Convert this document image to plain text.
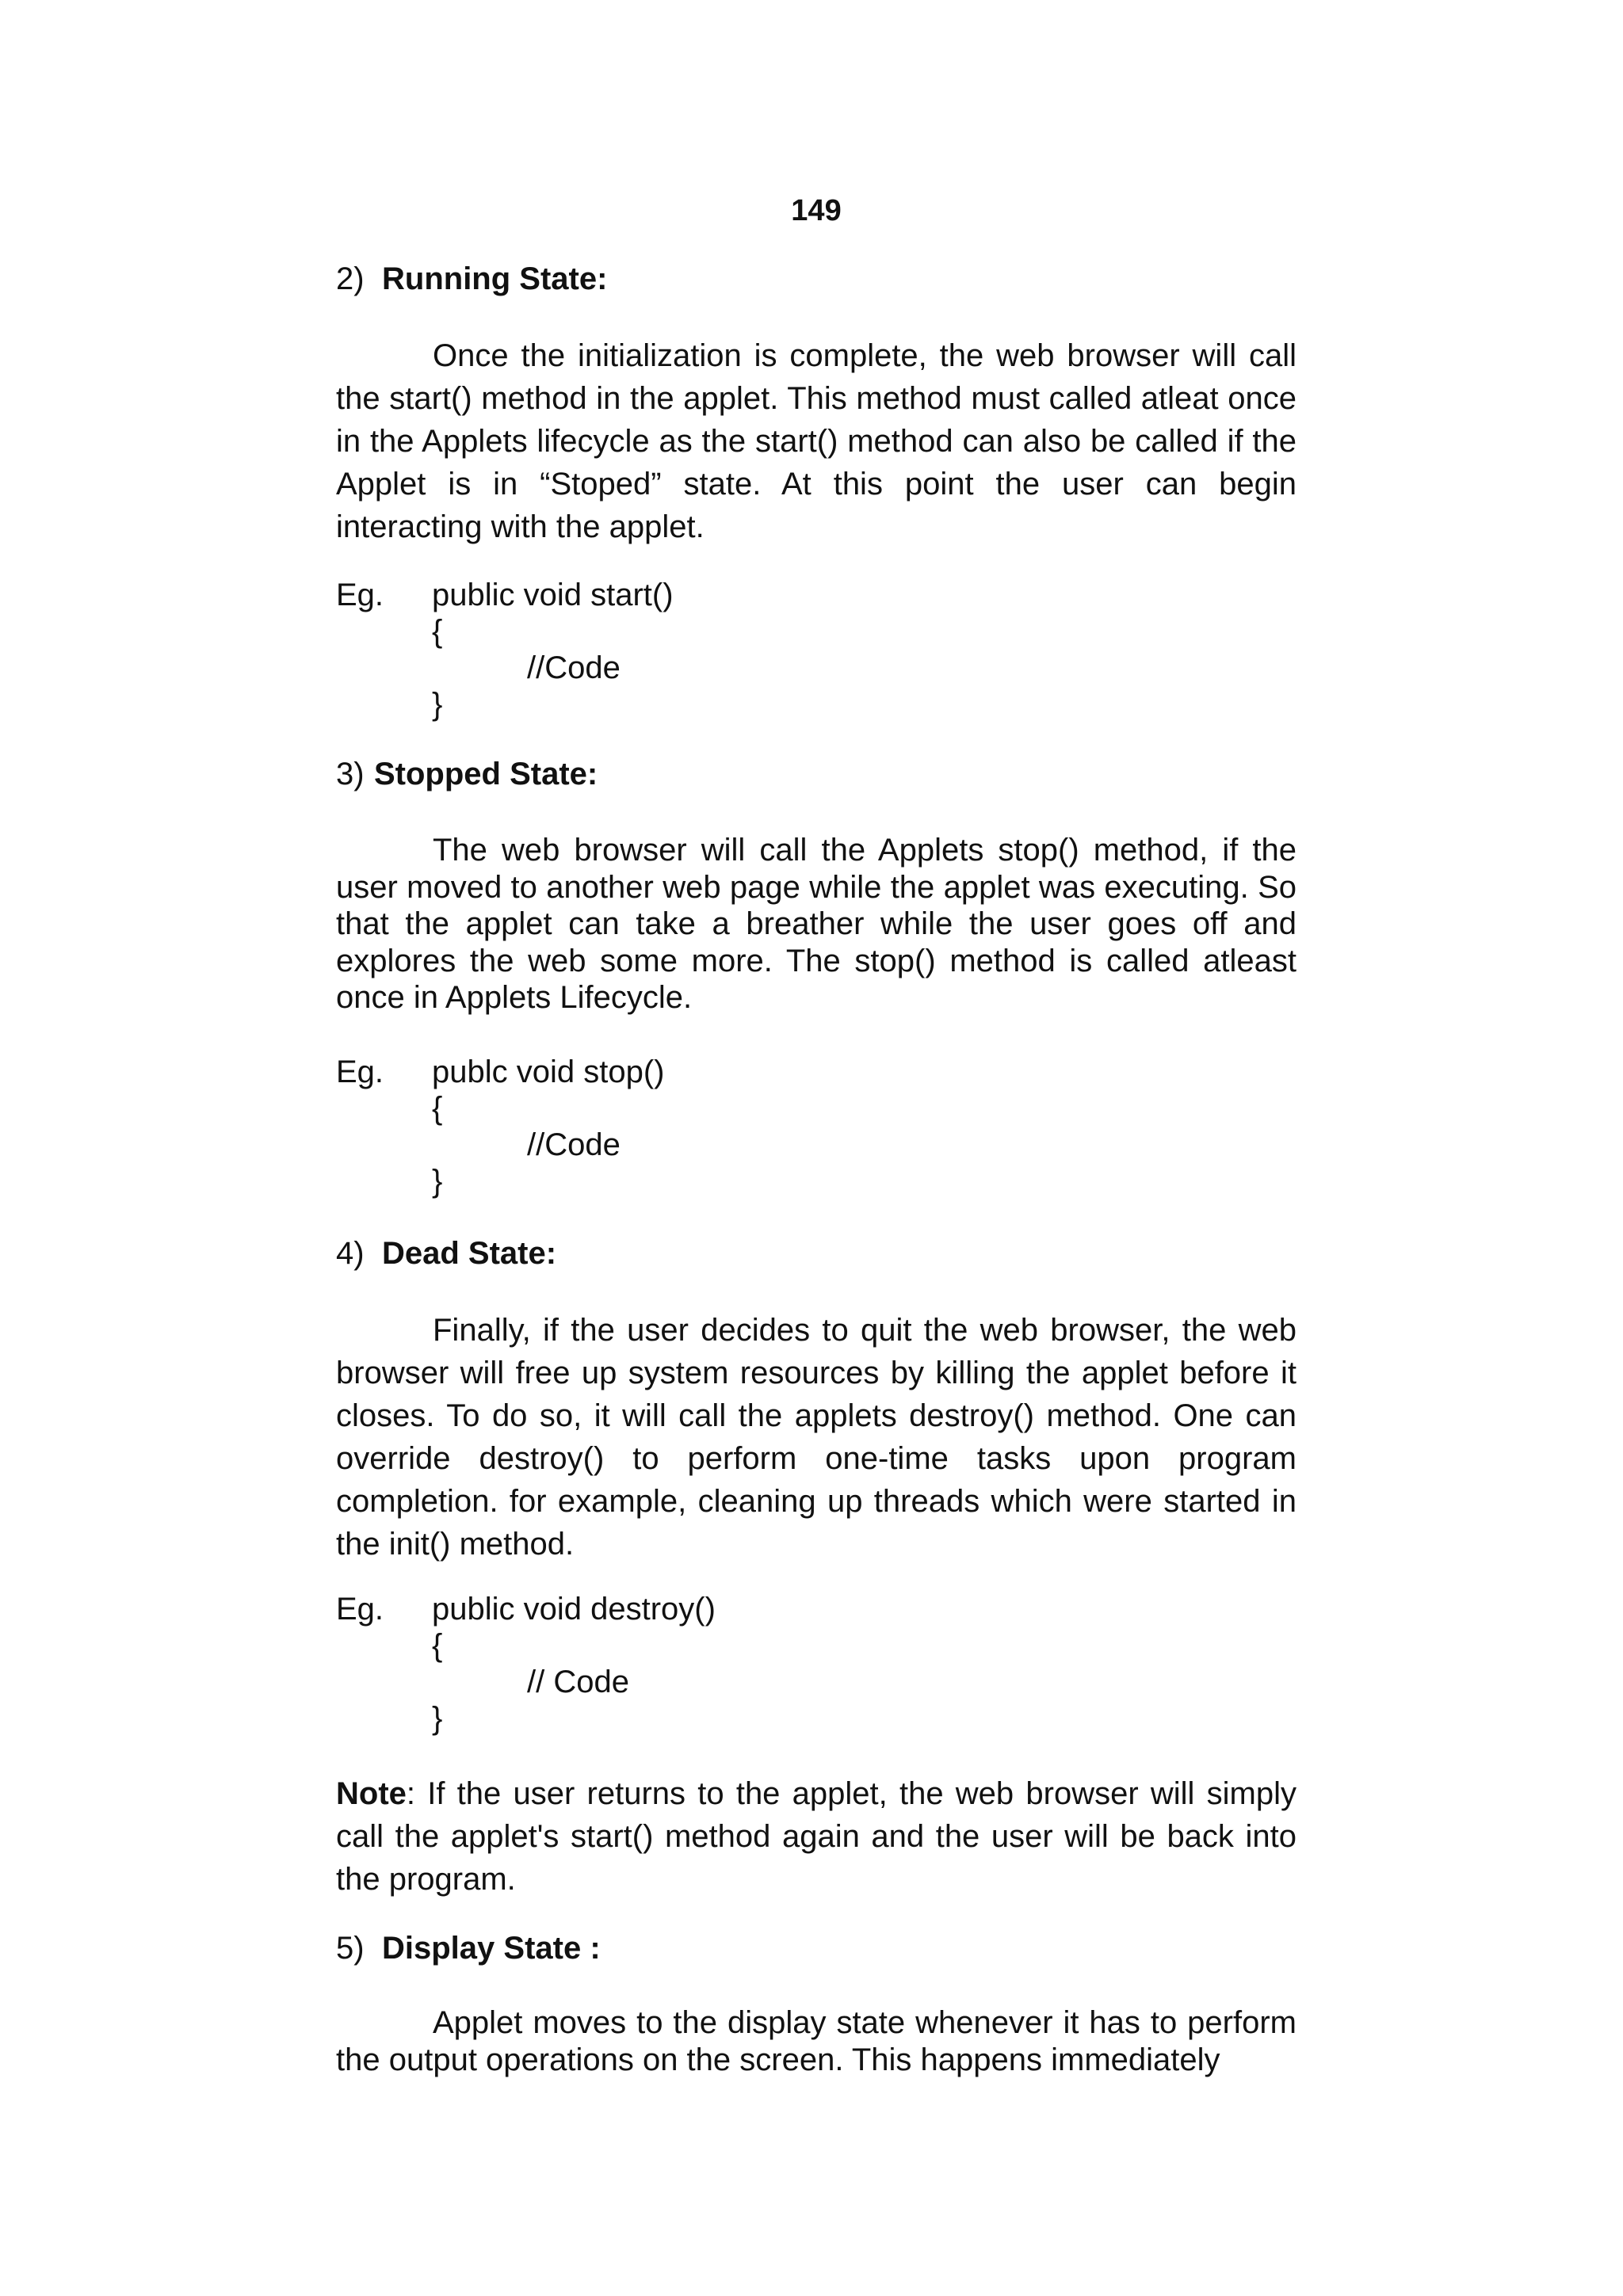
149
2) Running State:
Once the initialization is complete, the web browser will call the start() method in the applet. This method must called atleat once in the Applets lifecycle as the start() method can also be called if the Applet is in “Stoped” state. At this point the user can begin interacting with the applet.
Eg. public void start()
{
//Code
}
3) Stopped State:
The web browser will call the Applets stop() method, if the user moved to another web page while the applet was executing. So that the applet can take a breather while the user goes off and explores the web some more. The stop() method is called atleast once in Applets Lifecycle.
Eg. publc void stop()
{
//Code
}
4) Dead State:
Finally, if the user decides to quit the web browser, the web browser will free up system resources by killing the applet before it closes. To do so, it will call the applets destroy() method. One can override destroy() to perform one-time tasks upon program completion. for example, cleaning up threads which were started in the init() method.
Eg. public void destroy()
{
// Code
}
Note: If the user returns to the applet, the web browser will simply call the applet's start() method again and the user will be back into the program.
5) Display State :
Applet moves to the display state whenever it has to perform the output operations on the screen. This happens immediately
